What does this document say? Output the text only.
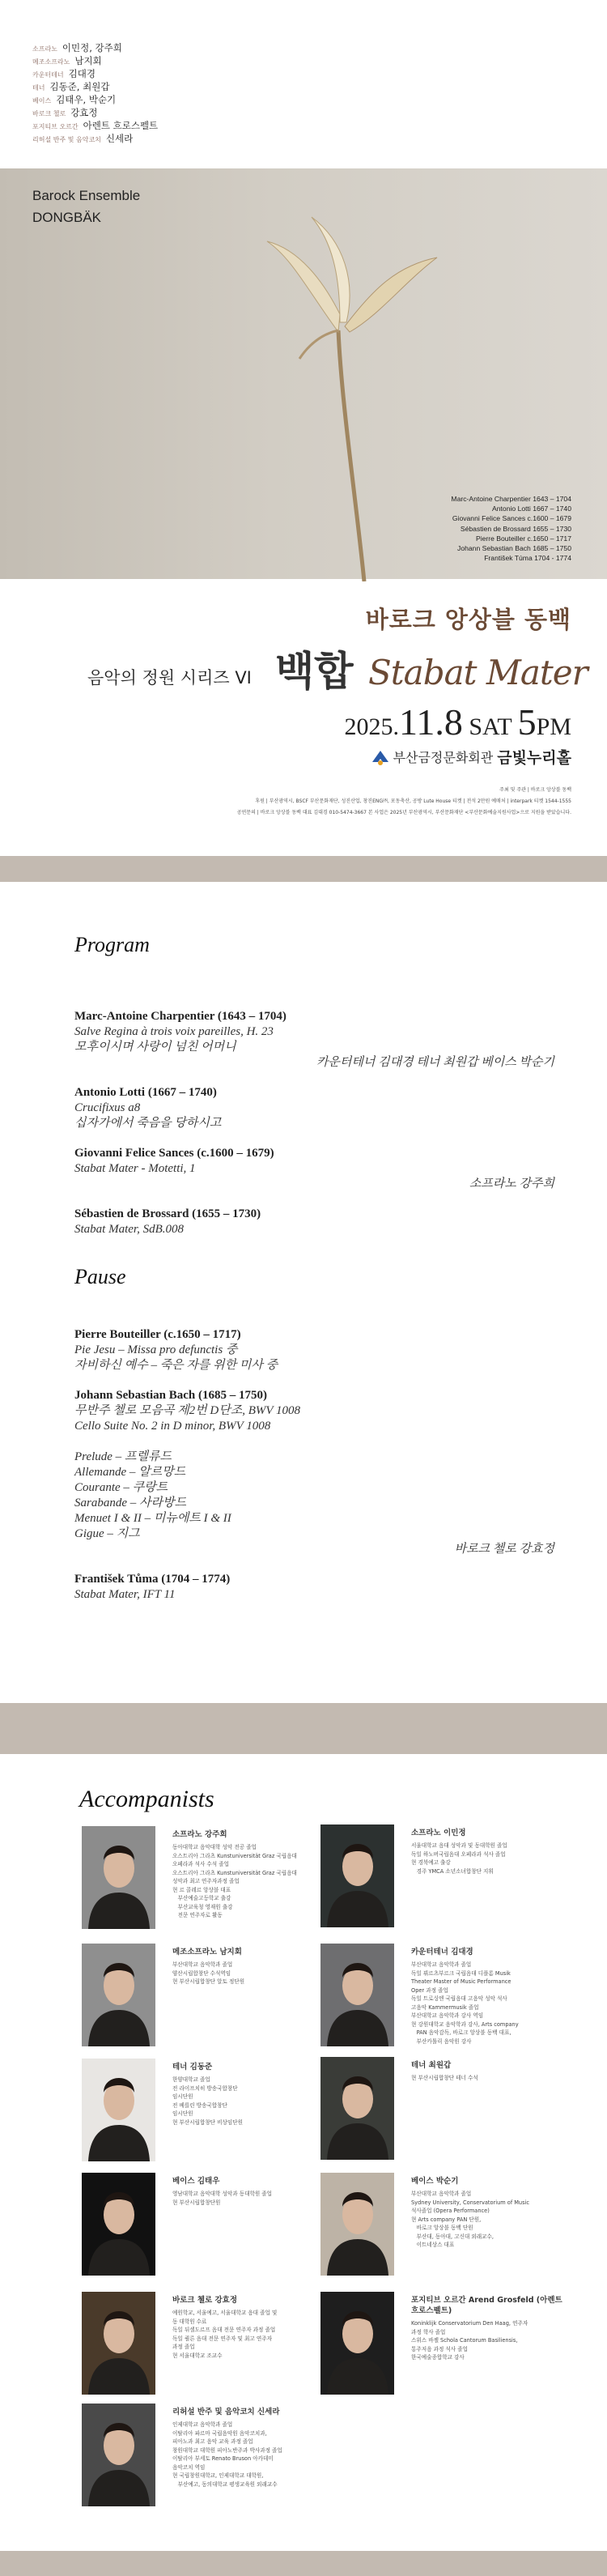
소프라노 이민정, 강주희
메조소프라노 남지회
카운터테너 김대경
테너 김동준, 최원갑
베이스 김태우, 박순기
바로크 첼로 강효정
포지티브 오르간 아렌트 흐로스펠트
리허설 반주 및 음악코치 신세라
Barock Ensemble
DONGBÄK
Marc-Antoine Charpentier 1643 – 1704
Antonio Lotti 1667 – 1740
Giovanni Felice Sances c.1600 – 1679
Sébastien de Brossard 1655 – 1730
Pierre Bouteiller c.1650 – 1717
Johann Sebastian Bach 1685 – 1750
František Túma 1704 - 1774
바로크 앙상블 동백
음악의 정원 시리즈 VI 백합 Stabat Mater
2025.11.8 SAT 5PM
부산금정문화회관 금빛누리홀
주최 및 주관 | 바로크 앙상블 동백
후원 | 부산광역시, BSCF 부산문화재단, 성진산업, 창진ENG㈜, 포동축산, 공방 Lute House 티켓 | 전석 2만원 예매처 | interpark 티켓 1544-1555
공연문의 | 바로크 앙상블 동백 대표 김대경 010-5474-3667 본 사업은 2025년 부산광역시, 부산문화재단 <부산문화예술지원사업>으로 지원을 받았습니다.
Program
Marc-Antoine Charpentier (1643 – 1704)
Salve Regina à trois voix pareilles, H. 23
모후이시며 사랑이 넘친 어머니
카운터테너 김대경 테너 최원갑 베이스 박순기
Antonio Lotti (1667 – 1740)
Crucifixus a8
십자가에서 죽음을 당하시고
Giovanni Felice Sances (c.1600 – 1679)
Stabat Mater - Motetti, 1
소프라노 강주희
Sébastien de Brossard (1655 – 1730)
Stabat Mater, SdB.008
Pause
Pierre Bouteiller (c.1650 – 1717)
Pie Jesu – Missa pro defunctis 중
자비하신 예수 – 죽은 자를 위한 미사 중
Johann Sebastian Bach (1685 – 1750)
무반주 첼로 모음곡 제2번 D단조, BWV 1008
Cello Suite No. 2 in D minor, BWV 1008
Prelude – 프렐류드
Allemande – 알르망드
Courante – 쿠랑트
Sarabande – 사라방드
Menuet I & II – 미뉴에트 I & II
Gigue – 지그
바로크 첼로 강효정
František Tůma (1704 – 1774)
Stabat Mater, IFT 11
Accompanists
소프라노 강주희
동아대학교 음악대학 성악 전공 졸업
오스트리아 그라츠 Kunstuniversität Graz 국립음대
오페라과 석사 수석 졸업
오스트리아 그라츠 Kunstuniversität Graz 국립음대
성악과 최고 연주자과정 졸업
현 르 콜레르 앙상블 대표
　부산예술고등학교 출강
　부산교육청 영재원 출강
　전문 연주자로 활동
소프라노 이민정
서울대학교 음대 성악과 및 동대학원 졸업
독일 하노버국립음대 오페라과 석사 졸업
현 경북예고 출강
　경주 YMCA 소년소녀합창단 지휘
메조소프라노 남지회
부산대학교 음악학과 졸업
양산시립합창단 수석역임
현 부산시립합창단 알토 정단원
카운터테너 김대경
부산대학교 음악학과 졸업
독일 뷔르츠부르크 국립음대 디플롬 Musik
Theater Master of Music Performance
Oper 과정 졸업
독일 트로싱엔 국립음대 고음악 성악 석사
고음악 Kammermusik 졸업
부산대학교 음악학과 강사 역임
현 강원대학교 음악학과 강사, Arts company
　PAN 음악감독, 바로크 앙상블 동백 대표,
　부산카톨릭 음악원 강사
테너 김동준
한양대학교 졸업
전 라이프치히 방송국합창단
임시단원
전 베를린 방송국합창단
임시단원
현 부산시립합창단 비상임단원
테너 최원갑
현 부산시립합창단 테너 수석
베이스 김태우
영남대학교 음악대학 성악과 동대학원 졸업
현 부산시립합창단원
베이스 박순기
부산대학교 음악학과 졸업
Sydney University, Conservatorium of Music
석사졸업 (Opera Performance)
현 Arts company PAN 단원,
　바로크 앙상블 동백 단원
　부산대, 동아대, 고신대 외래교수,
　이트네상스 대표
바로크 첼로 강효정
예원학교, 서울예고, 서울대학교 음대 졸업 및
동 대학원 수료
독일 뒤셀도르프 음대 전문 연주자 과정 졸업
독일 쾰른 음대 전문 연주자 및 최고 연주자
과정 졸업
현 서울대학교 조교수
포지티브 오르간 Arend Grosfeld (아렌트 흐로스펠트)
Koninklijk Conservatorium Den Haag, 연주자
과정 학사 졸업
스위스 바젤 Schola Cantorum Basiliensis,
통주저음 과정 석사 졸업
한국예술종합학교 강사
리허설 반주 및 음악코치 신세라
인제대학교 음악학과 졸업
이탈리아 파르마 국립음악원 음악코치과,
피아노과 최고 음악 교육 과정 졸업
창원대학교 대학원 피아노반주과 박사과정 졸업
이탈리아 부세토 Renato Bruson 아카데미
음악코치 역임
현 국립창원대학교, 인제대학교 대학원,
　부산예고, 동의대학교 평생교육원 외래교수
